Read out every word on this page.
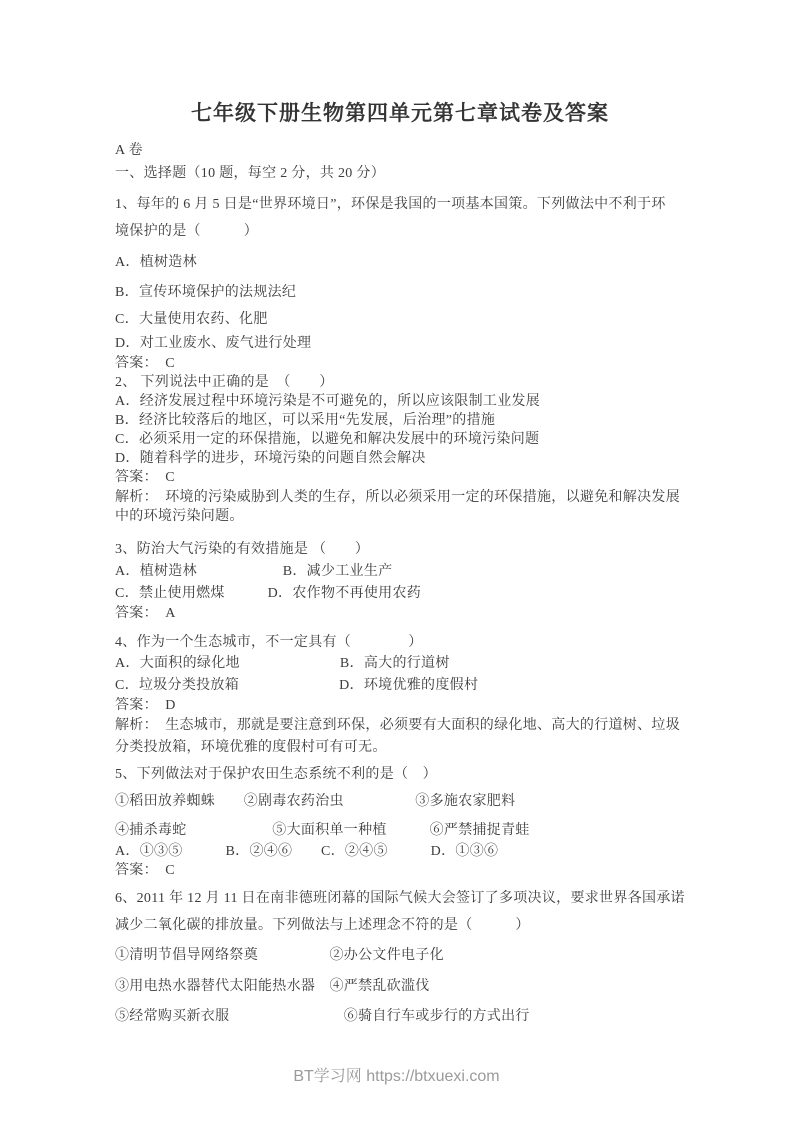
七年级下册生物第四单元第七章试卷及答案
A 卷
一、选择题（10 题，每空 2 分，共 20 分）
1、每年的 6 月 5 日是“世界环境日”，环保是我国的一项基本国策。下列做法中不利于环
境保护的是（　　　）
A．植树造林
B．宣传环境保护的法规法纪
C．大量使用农药、化肥
D．对工业废水、废气进行处理
答案：　C
2、 下列说法中正确的是　（　　）
A．经济发展过程中环境污染是不可避免的，所以应该限制工业发展
B．经济比较落后的地区，可以采用“先发展，后治理”的措施
C．必须采用一定的环保措施，以避免和解决发展中的环境污染问题
D．随着科学的进步，环境污染的问题自然会解决
答案：　C
解析：　环境的污染威胁到人类的生存，所以必须采用一定的环保措施，以避免和解决发展
中的环境污染问题。
3、防治大气污染的有效措施是 （　　）
A．植树造林　　　　　　B．减少工业生产
C．禁止使用燃煤　　　D．农作物不再使用农药
答案：　A
4、作为一个生态城市，不一定具有（　　　　）
A．大面积的绿化地　　　　　　　B．高大的行道树
C．垃圾分类投放箱　　　　　　　D．环境优雅的度假村
答案：　D
解析：　生态城市，那就是要注意到环保，必须要有大面积的绿化地、高大的行道树、垃圾
分类投放箱，环境优雅的度假村可有可无。
5、下列做法对于保护农田生态系统不利的是（　）
①稻田放养蜘蛛　　②剧毒农药治虫　　　　　③多施农家肥料
④捕杀毒蛇　　　　　　⑤大面积单一种植　　　⑥严禁捕捉青蛙
A．①③⑤　　　B．②④⑥　　C．②④⑤　　　D．①③⑥
答案：　C
6、2011 年 12 月 11 日在南非德班闭幕的国际气候大会签订了多项决议，要求世界各国承诺
减少二氧化碳的排放量。下列做法与上述理念不符的是（　　　）
①清明节倡导网络祭奠　　　　　②办公文件电子化
③用电热水器替代太阳能热水器　④严禁乱砍滥伐
⑤经常购买新衣服　　　　　　　　⑥骑自行车或步行的方式出行
BT学习网 https://btxuexi.com
